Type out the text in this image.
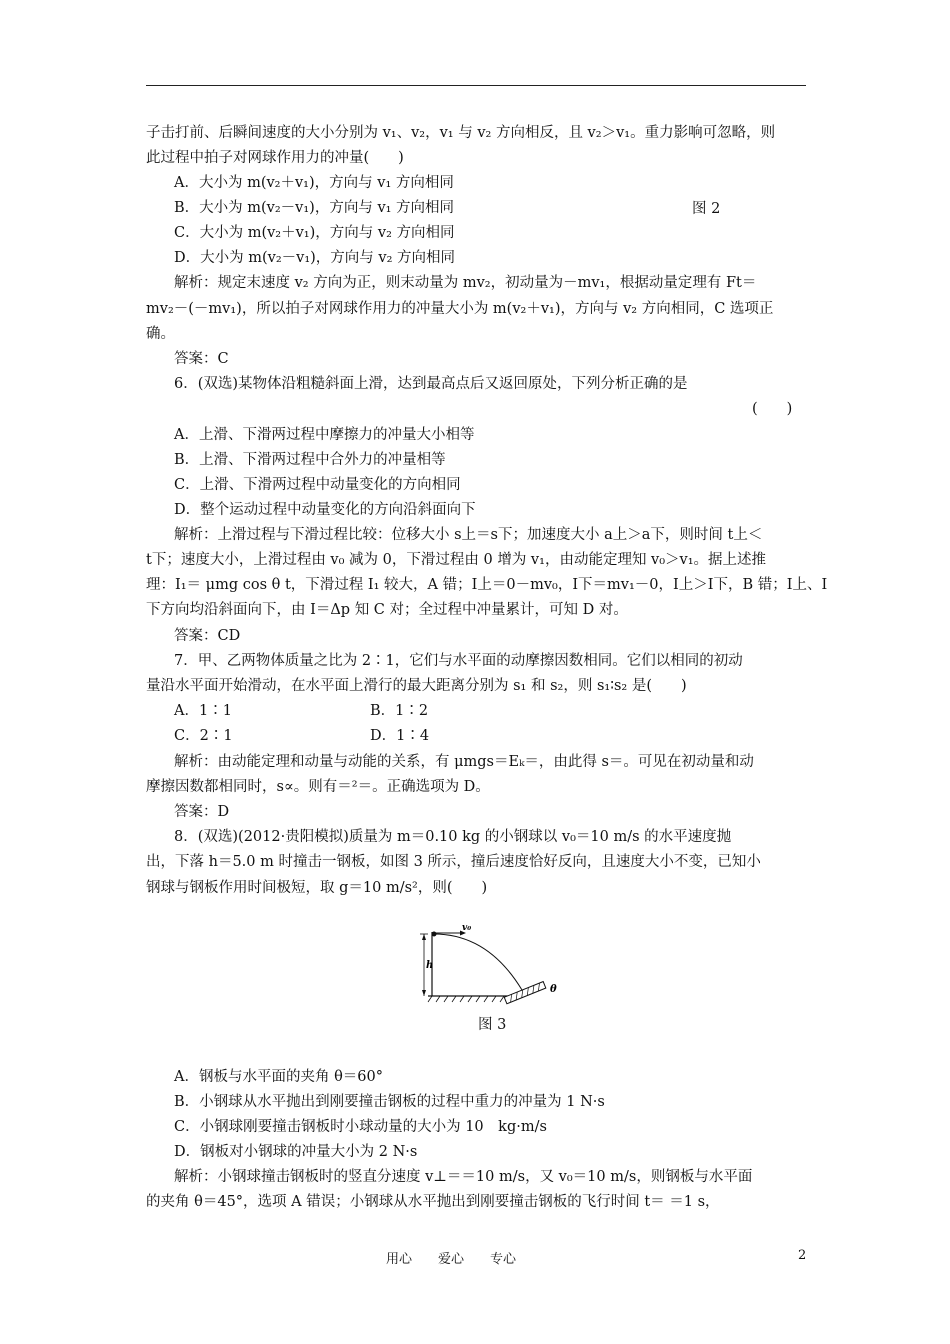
子击打前、后瞬间速度的大小分别为 v₁、v₂，v₁ 与 v₂ 方向相反，且 v₂＞v₁。重力影响可忽略，则
此过程中拍子对网球作用力的冲量(　　)
A．大小为 m(v₂＋v₁)，方向与 v₁ 方向相同
B．大小为 m(v₂－v₁)，方向与 v₁ 方向相同	图 2
C．大小为 m(v₂＋v₁)，方向与 v₂ 方向相同
D．大小为 m(v₂－v₁)，方向与 v₂ 方向相同
解析：规定末速度 v₂ 方向为正，则末动量为 mv₂，初动量为－mv₁，根据动量定理有 Ft＝
mv₂－(－mv₁)，所以拍子对网球作用力的冲量大小为 m(v₂＋v₁)，方向与 v₂ 方向相同，C 选项正
确。
答案：C
6．(双选)某物体沿粗糙斜面上滑，达到最高点后又返回原处，下列分析正确的是
(　　)
A．上滑、下滑两过程中摩擦力的冲量大小相等
B．上滑、下滑两过程中合外力的冲量相等
C．上滑、下滑两过程中动量变化的方向相同
D．整个运动过程中动量变化的方向沿斜面向下
解析：上滑过程与下滑过程比较：位移大小 s上＝s下；加速度大小 a上＞a下，则时间 t上＜
t下；速度大小，上滑过程由 v₀ 减为 0，下滑过程由 0 增为 v₁，由动能定理知 v₀＞v₁。据上述推
理：I₁＝ μmg cos θ t，下滑过程 I₁ 较大，A 错；I上＝0－mv₀，I下＝mv₁－0，I上＞I下，B 错；I上、I
下方向均沿斜面向下，由 I＝Δp 知 C 对；全过程中冲量累计，可知 D 对。
答案：CD
7．甲、乙两物体质量之比为 2∶1，它们与水平面的动摩擦因数相同。它们以相同的初动
量沿水平面开始滑动，在水平面上滑行的最大距离分别为 s₁ 和 s₂，则 s₁∶s₂ 是(　　)
A．1∶1	B．1∶2
C．2∶1	D．1∶4
解析：由动能定理和动量与动能的关系，有 μmgs＝Eₖ＝，由此得 s＝。可见在初动量和动
摩擦因数都相同时，s∝。则有＝²＝。正确选项为 D。
答案：D
8．(双选)(2012·贵阳模拟)质量为 m＝0.10 kg 的小钢球以 v₀＝10 m/s 的水平速度抛
出，下落 h＝5.0 m 时撞击一钢板，如图 3 所示，撞后速度恰好反向，且速度大小不变，已知小
钢球与钢板作用时间极短，取 g＝10 m/s²，则(　　)
h
v₀
θ
图 3
A．钢板与水平面的夹角 θ＝60°
B．小钢球从水平抛出到刚要撞击钢板的过程中重力的冲量为 1 N·s
C．小钢球刚要撞击钢板时小球动量的大小为 10　kg·m/s
D．钢板对小钢球的冲量大小为 2 N·s
解析：小钢球撞击钢板时的竖直分速度 v⊥＝＝10 m/s，又 v₀＝10 m/s，则钢板与水平面
的夹角 θ＝45°，选项 A 错误；小钢球从水平抛出到刚要撞击钢板的飞行时间 t＝ ＝1 s，
用心　　爱心　　专心	2
